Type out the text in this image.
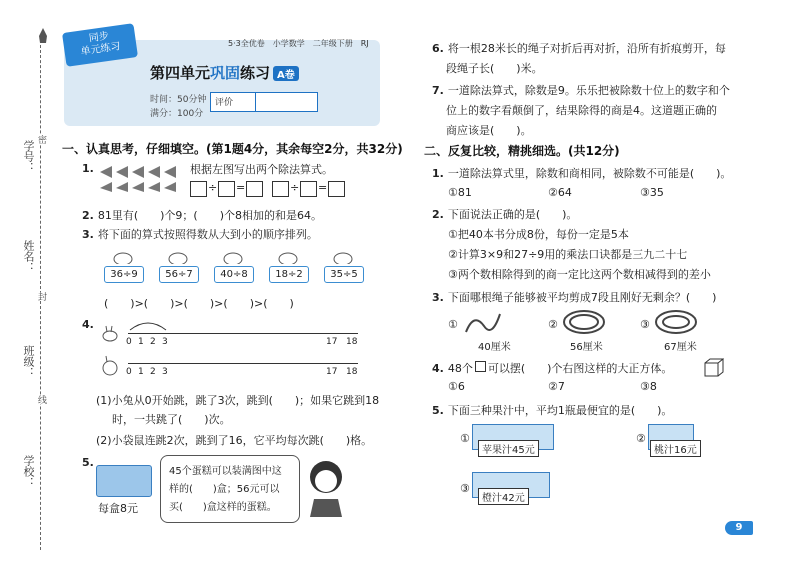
密
封
线
学号：
姓名：
班级：
学校：
同步
单元练习	5·3全优卷　小学数学　二年级下册　RJ
第四单元巩固练习 A卷
时间：50分钟
满分：100分
评价
一、认真思考，仔细填空。(第1题4分，其余每空2分，共32分)
1.	根据左图写出两个除法算式。
÷ =	÷ =
2. 81里有(　　)个9；(　　)个8相加的和是64。
3. 将下面的算式按照得数从大到小的顺序排列。
36÷9	56÷7	40÷8	18÷2	35÷5
(　　)>(　　)>(　　)>(　　)>(　　)
4.
0 1 2 3	17 18
0 1 2 3	17 18
(1)小兔从0开始跳，跳了3次，跳到(　　)；如果它跳到18
时，一共跳了(　　)次。
(2)小袋鼠连跳2次，跳到了16，它平均每次跳(　　)格。
5.
每盒8元
45个蛋糕可以装满图中这
样的(　　)盒；56元可以
买(　　)盒这样的蛋糕。
6. 将一根28米长的绳子对折后再对折，沿所有折痕剪开，每
段绳子长(　　)米。
7. 一道除法算式，除数是9。乐乐把被除数十位上的数字和个
位上的数字看颠倒了，结果除得的商是4。这道题正确的
商应该是(　　)。
二、反复比较，精挑细选。(共12分)
1. 一道除法算式里，除数和商相同，被除数不可能是(　　)。
①81	②64	③35
2. 下面说法正确的是(　　)。
①把40本书分成8份，每份一定是5本
②计算3×9和27÷9用的乘法口诀都是三九二十七
③两个数相除得到的商一定比这两个数相减得到的差小
3. 下面哪根绳子能够被平均剪成7段且刚好无剩余？(　　)
①
40厘米
②
56厘米
③
67厘米
4. 48个 可以摆(　　)个右图这样的大正方体。
①6	②7	③8
5. 下面三种果汁中，平均1瓶最便宜的是(　　)。
①
苹果汁45元
②
桃汁16元
③
橙汁42元
9
